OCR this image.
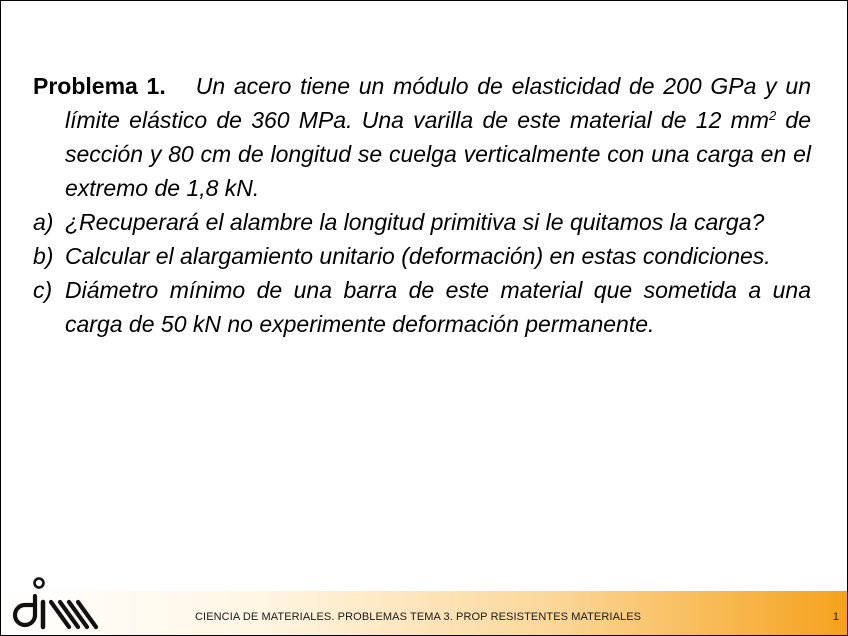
Problema 1. Un acero tiene un módulo de elasticidad de 200 GPa y un límite elástico de 360 MPa. Una varilla de este material de 12 $mm^2$ de sección y 80 cm de longitud se cuelga verticalmente con una carga en el extremo de 1,8 kN.

a) ¿Recuperará el alambre la longitud primitiva si le quitamos la carga?

b) Calcular el alargamiento unitario (deformación) en estas condiciones.

c) Diámetro mínimo de una barra de este material que sometida a una carga de 50 kN no experimente deformación permanente.

CIENCIA DE MATERIALES. PROBLEMAS TEMA 3. PROP RESISTENTES MATERIALES	1
